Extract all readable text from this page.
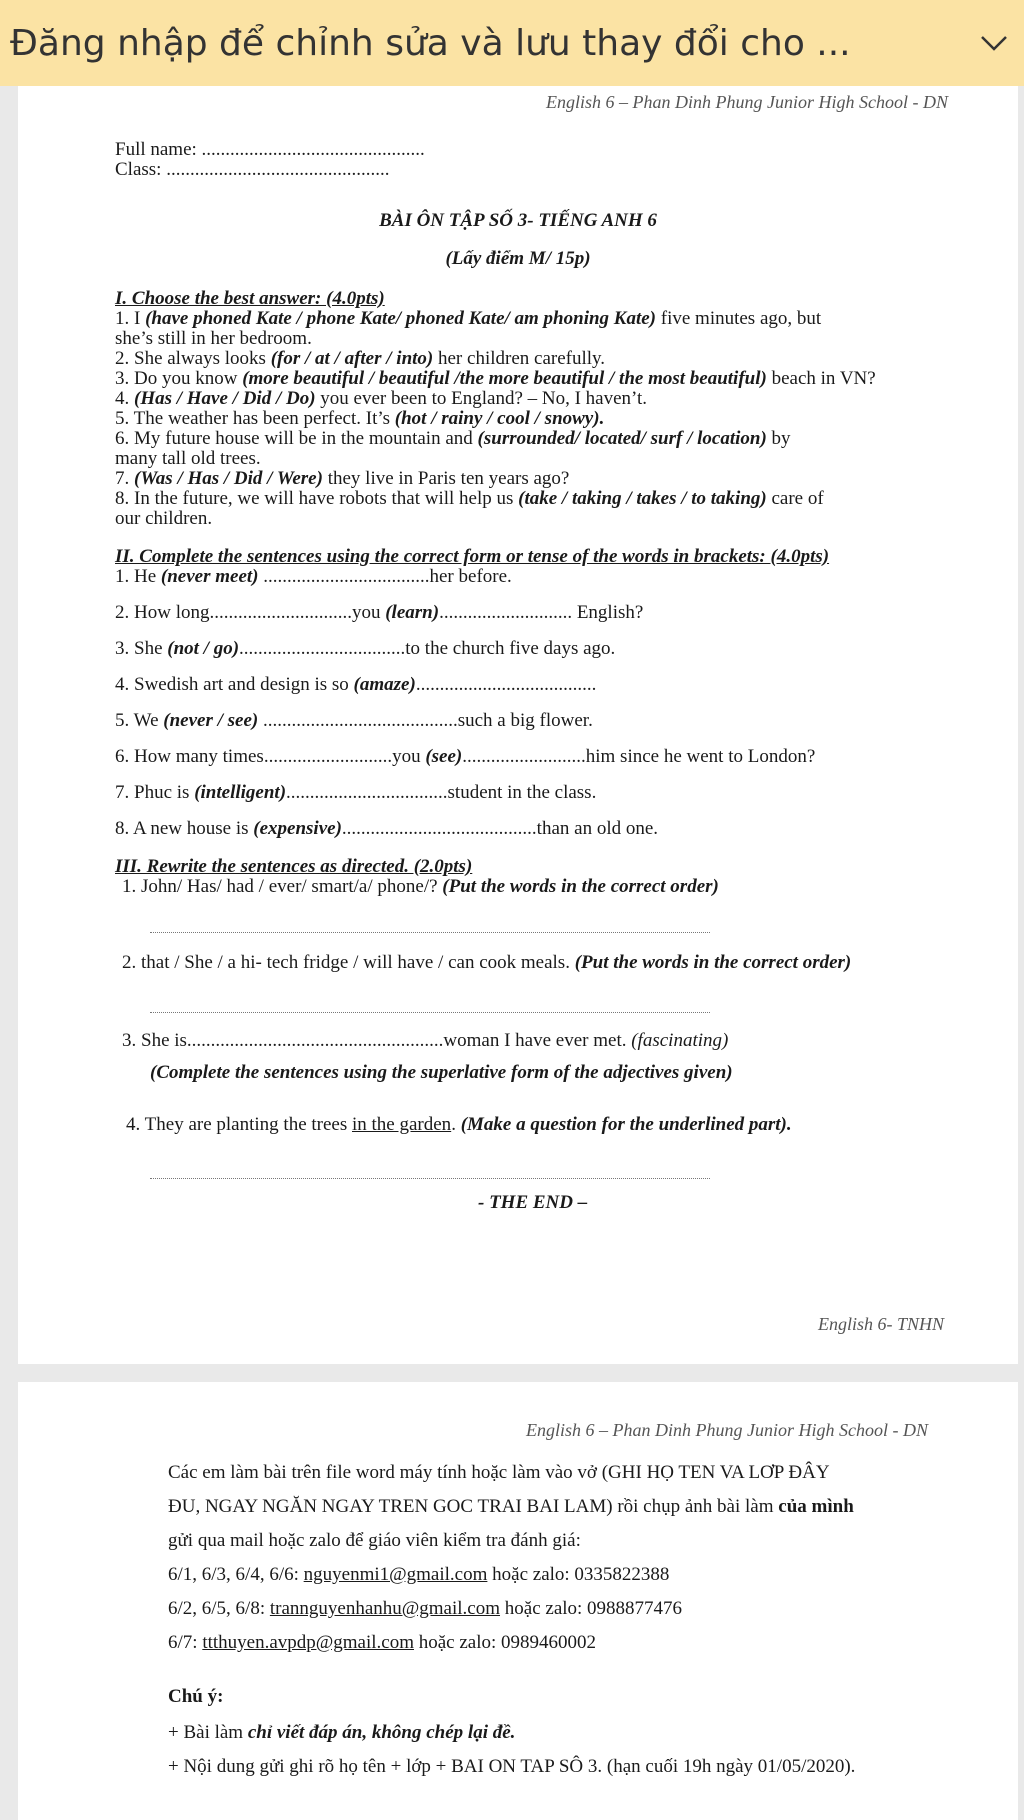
Đăng nhập để chỉnh sửa và lưu thay đổi cho ...
English 6 – Phan Dinh Phung Junior High School - DN
Full name: ...............................................
Class: ...............................................
BÀI ÔN TẬP SỐ 3- TIẾNG ANH 6
(Lấy điểm M/ 15p)
I. Choose the best answer: (4.0pts)
1. I (have phoned Kate / phone Kate/ phoned Kate/ am phoning Kate) five minutes ago, but
she’s still in her bedroom.
2. She always looks (for / at / after / into) her children carefully.
3. Do you know (more beautiful / beautiful /the more beautiful / the most beautiful) beach in VN?
4. (Has / Have / Did / Do) you ever been to England? – No, I haven’t.
5. The weather has been perfect. It’s (hot / rainy / cool / snowy).
6. My future house will be in the mountain and (surrounded/ located/ surf / location) by
many tall old trees.
7. (Was / Has / Did / Were) they live in Paris ten years ago?
8. In the future, we will have robots that will help us (take / taking / takes / to taking) care of
our children.
II. Complete the sentences using the correct form or tense of the words in brackets: (4.0pts)
1. He (never meet) ...................................her before.
2. How long..............................you (learn)............................ English?
3. She (not / go)...................................to the church five days ago.
4. Swedish art and design is so (amaze)......................................
5. We (never / see) .........................................such a big flower.
6. How many times...........................you (see)..........................him since he went to London?
7. Phuc is (intelligent)..................................student in the class.
8. A new house is (expensive).........................................than an old one.
III. Rewrite the sentences as directed. (2.0pts)
1. John/ Has/ had / ever/ smart/a/ phone/? (Put the words in the correct order)
2. that / She / a hi- tech fridge / will have / can cook meals. (Put the words in the correct order)
3. She is......................................................woman I have ever met. (fascinating)
(Complete the sentences using the superlative form of the adjectives given)
4. They are planting the trees in the garden. (Make a question for the underlined part).
- THE END –
English 6- TNHN
English 6 – Phan Dinh Phung Junior High School - DN
Các em làm bài trên file word máy tính hoặc làm vào vở (GHI HỌ TEN VA LƠP ĐÂY
ĐU, NGAY NGĂN NGAY TREN GOC TRAI BAI LAM) rồi chụp ảnh bài làm của mình
gửi qua mail hoặc zalo để giáo viên kiểm tra đánh giá:
6/1, 6/3, 6/4, 6/6: nguyenmi1@gmail.com hoặc zalo: 0335822388
6/2, 6/5, 6/8: trannguyenhanhu@gmail.com hoặc zalo: 0988877476
6/7: ttthuyen.avpdp@gmail.com hoặc zalo: 0989460002
Chú ý:
+ Bài làm chỉ viết đáp án, không chép lại đề.
+ Nội dung gửi ghi rõ họ tên + lớp + BAI ON TAP SÔ 3. (hạn cuối 19h ngày 01/05/2020).
